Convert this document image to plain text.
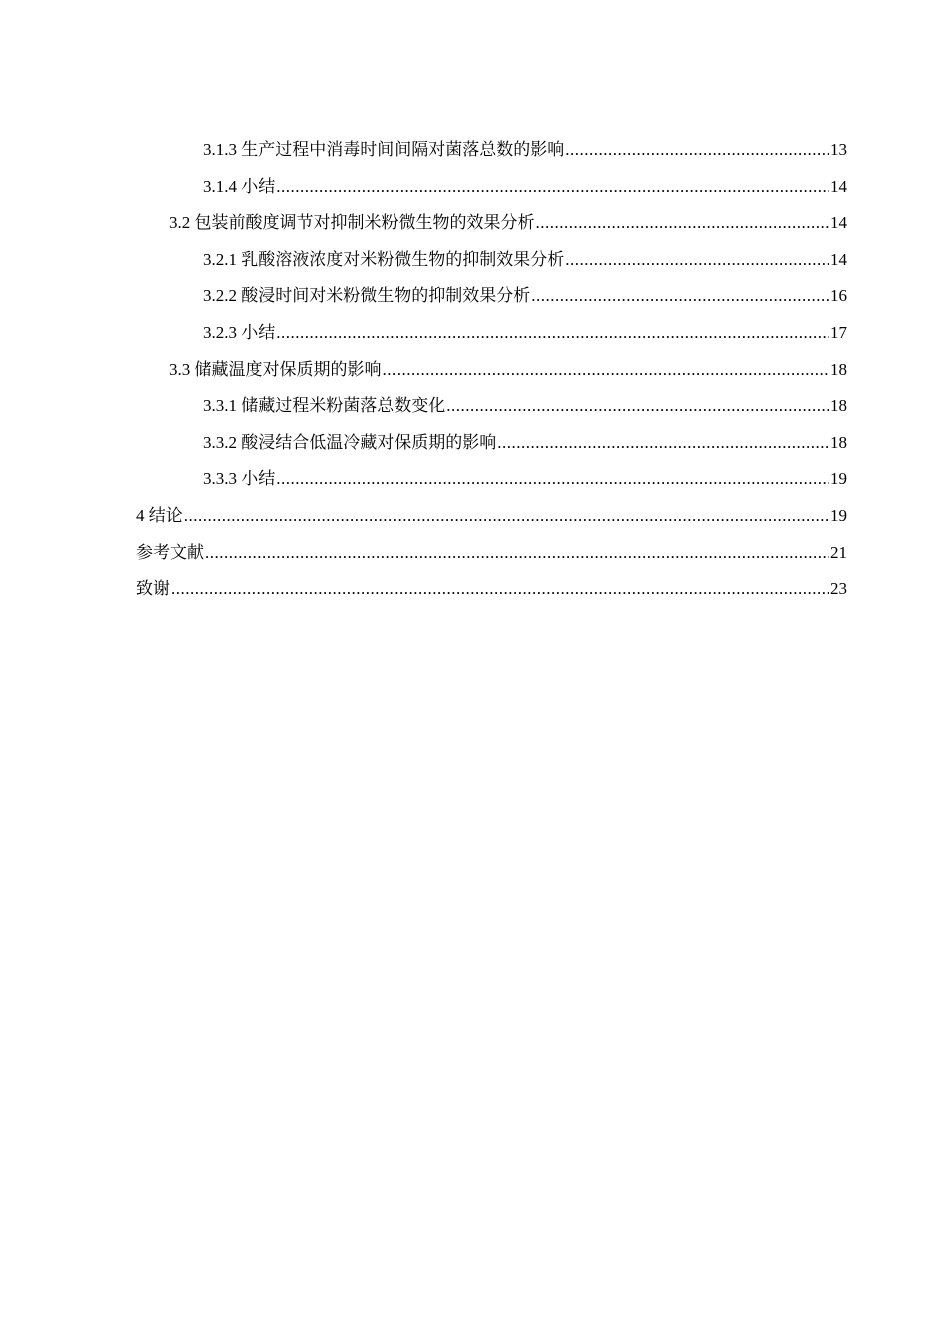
3.1.3 生产过程中消毒时间间隔对菌落总数的影响 .....	13
3.1.4 小结 .....	14
3.2 包装前酸度调节对抑制米粉微生物的效果分析 .....	14
3.2.1 乳酸溶液浓度对米粉微生物的抑制效果分析 .....	14
3.2.2 酸浸时间对米粉微生物的抑制效果分析 .....	16
3.2.3 小结 .....	17
3.3 储藏温度对保质期的影响 .....	18
3.3.1 储藏过程米粉菌落总数变化 .....	18
3.3.2 酸浸结合低温冷藏对保质期的影响 .....	18
3.3.3 小结 .....	19
4 结论 .....	19
参考文献 .....	21
致谢 .....	23
